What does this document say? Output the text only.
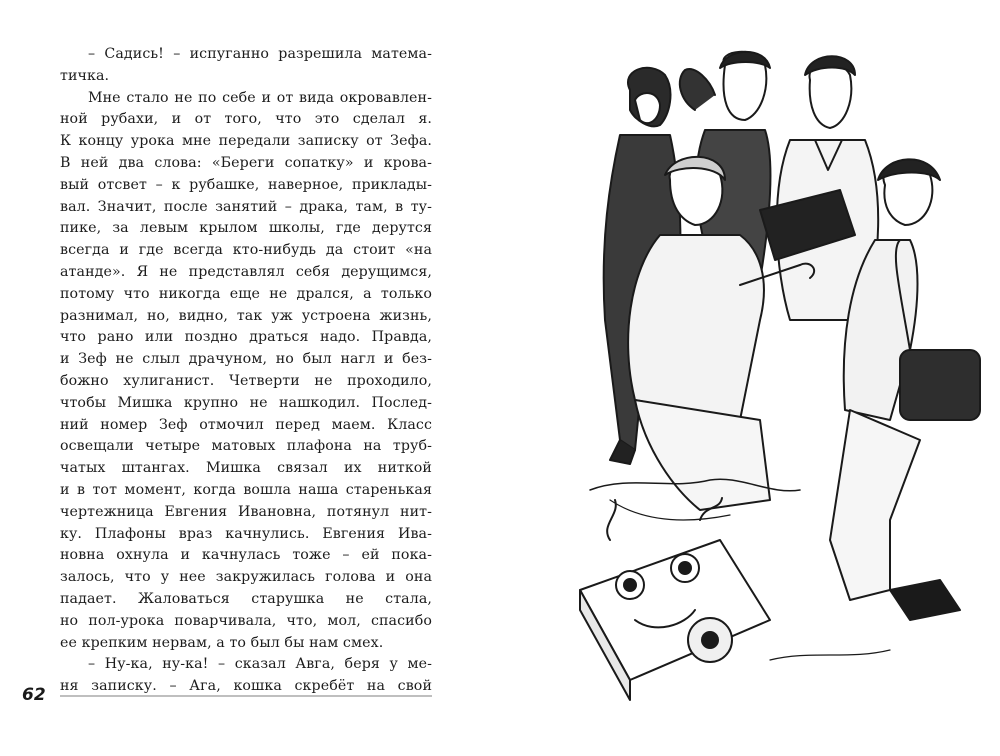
– Садись! – испуганно разрешила матема-
тичка.
Мне стало не по себе и от вида окровавлен-
ной рубахи, и от того, что это сделал я.
К концу урока мне передали записку от Зефа.
В ней два слова: «Береги сопатку» и крова-
вый отсвет – к рубашке, наверное, приклады-
вал. Значит, после занятий – драка, там, в ту-
пике, за левым крылом школы, где дерутся
всегда и где всегда кто-нибудь да стоит «на
атанде». Я не представлял себя дерущимся,
потому что никогда еще не дрался, а только
разнимал, но, видно, так уж устроена жизнь,
что рано или поздно драться надо. Правда,
и Зеф не слыл драчуном, но был нагл и без-
божно хулиганист. Четверти не проходило,
чтобы Мишка крупно не нашкодил. Послед-
ний номер Зеф отмочил перед маем. Класс
освещали четыре матовых плафона на труб-
чатых штангах. Мишка связал их ниткой
и в тот момент, когда вошла наша старенькая
чертежница Евгения Ивановна, потянул нит-
ку. Плафоны враз качнулись. Евгения Ива-
новна охнула и качнулась тоже – ей пока-
залось, что у нее закружилась голова и она
падает. Жаловаться старушка не стала,
но пол-урока поварчивала, что, мол, спасибо
ее крепким нервам, а то был бы нам смех.
– Ну-ка, ну-ка! – сказал Авга, беря у ме-
ня записку. – Ага, кошка скребёт на свой
62
